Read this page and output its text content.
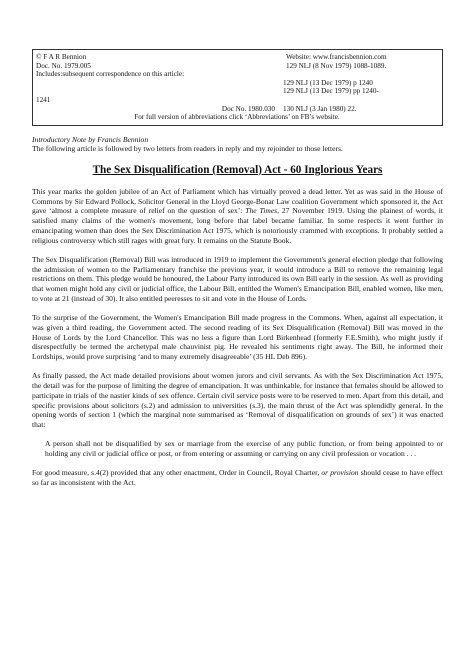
© F A R Bennion	Website: www.francisbennion.com
Doc. No. 1979.005	129 NLJ (8 Nov 1979) 1088-1089.
Includes:subsequent correspondence on this article:
129 NLJ (13 Dec 1979) p 1240
129 NLJ (13 Dec 1979) pp 1240-
1241
Doc No. 1980.030	130 NLJ (3 Jan 1980) 22.
For full version of abbreviations click ‘Abbreviations’ on FB’s website.
Introductory Note by Francis Bennion
The following article is followed by two letters from readers in reply and my rejoinder to those letters.
The Sex Disqualification (Removal) Act - 60 Inglorious Years

This year marks the golden jubilee of an Act of Parliament which has virtually proved a dead letter. Yet as was said in the House of Commons by Sir Edward Pollock, Solicitor General in the Lloyd George-Bonar Law coalition Government which sponsored it, the Act gave ‘almost a complete measure of relief on the question of sex’: The Times, 27 November 1919. Using the plainest of words, it satisfied many claims of the women's movement, long before that label became familiar. In some respects it went further in emancipating women than does the Sex Discrimination Act 1975, which is notoriously crammed with exceptions. It probably settled a religious controversy which still rages with great fury. It remains on the Statute Book.

The Sex Disqualification (Removal) Bill was introduced in 1919 to implement the Government's general election pledge that following the admission of women to the Parliamentary franchise the previous year, it would introduce a Bill to remove the remaining legal restrictions on them. This pledge would be honoured, the Labour Party introduced its own Bill early in the session. As well as providing that women might hold any civil or judicial office, the Labour Bill, entitled the Women's Emancipation Bill, enabled women, like men, to vote at 21 (instead of 30). It also entitled peeresses to sit and vote in the House of Lords.

To the surprise of the Government, the Women's Emancipation Bill made progress in the Commons. When, against all expectation, it was given a third reading, the Government acted. The second reading of its Sex Disqualification (Removal) Bill was moved in the House of Lords by the Lord Chancellor. This was no less a figure than Lord Birkenhead (formerly F.E.Smith), who might justly if disrespectfully be termed the archetypal male chauvinist pig. He revealed his sentiments right away. The Bill, he informed their Lordships, would prove surprising ‘and to many extremely disagreeable’ (35 HL Deb 896).

As finally passed, the Act made detailed provisions about women jurors and civil servants. As with the Sex Discrimination Act 1975, the detail was for the purpose of limiting the degree of emancipation. It was unthinkable, for instance that females should be allowed to participate in trials of the nastier kinds of sex offence. Certain civil service posts were to be reserved to men. Apart from this detail, and specific provisions about solicitors (s.2) and admission to universities (s.3), the main thrust of the Act was splendidly general. In the opening words of section 1 (which the marginal note summarised as ‘Removal of disqualification on grounds of sex’) it was enacted that:

A person shall not be disqualified by sex or marriage from the exercise of any public function, or from being appointed to or holding any civil or judicial office or post, or from entering or assuming or carrying on any civil profession or vocation . . .

For good measure, s.4(2) provided that any other enactment, Order in Council, Royal Charter, or provision should cease to have effect so far as inconsistent with the Act.
